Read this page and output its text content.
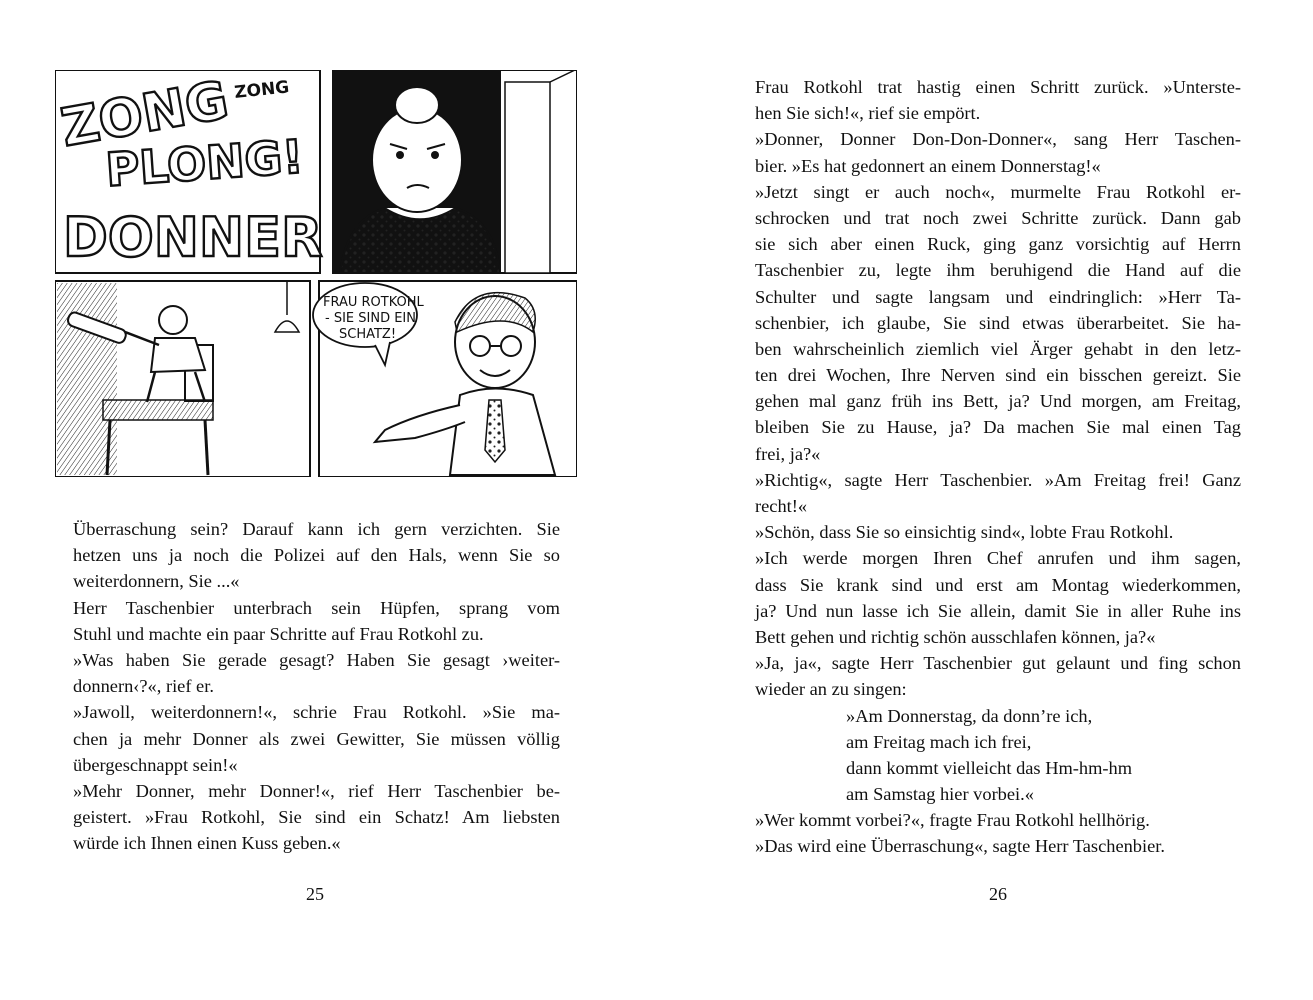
ZONG ZONG
PLONG!
DONNER
FRAU ROTKOHL
- SIE SIND EIN
SCHATZ!
Überraschung sein? Darauf kann ich gern verzichten. Sie
hetzen uns ja noch die Polizei auf den Hals, wenn Sie so
weiterdonnern, Sie ...«
Herr Taschenbier unterbrach sein Hüpfen, sprang vom
Stuhl und machte ein paar Schritte auf Frau Rotkohl zu.
»Was haben Sie gerade gesagt? Haben Sie gesagt ›weiter-
donnern‹?«, rief er.
»Jawoll, weiterdonnern!«, schrie Frau Rotkohl. »Sie ma-
chen ja mehr Donner als zwei Gewitter, Sie müssen völlig
übergeschnappt sein!«
»Mehr Donner, mehr Donner!«, rief Herr Taschenbier be-
geistert. »Frau Rotkohl, Sie sind ein Schatz! Am liebsten
würde ich Ihnen einen Kuss geben.«
25
Frau Rotkohl trat hastig einen Schritt zurück. »Unterste-
hen Sie sich!«, rief sie empört.
»Donner, Donner Don-Don-Donner«, sang Herr Taschen-
bier. »Es hat gedonnert an einem Donnerstag!«
»Jetzt singt er auch noch«, murmelte Frau Rotkohl er-
schrocken und trat noch zwei Schritte zurück. Dann gab
sie sich aber einen Ruck, ging ganz vorsichtig auf Herrn
Taschenbier zu, legte ihm beruhigend die Hand auf die
Schulter und sagte langsam und eindringlich: »Herr Ta-
schenbier, ich glaube, Sie sind etwas überarbeitet. Sie ha-
ben wahrscheinlich ziemlich viel Ärger gehabt in den letz-
ten drei Wochen, Ihre Nerven sind ein bisschen gereizt. Sie
gehen mal ganz früh ins Bett, ja? Und morgen, am Freitag,
bleiben Sie zu Hause, ja? Da machen Sie mal einen Tag
frei, ja?«
»Richtig«, sagte Herr Taschenbier. »Am Freitag frei! Ganz
recht!«
»Schön, dass Sie so einsichtig sind«, lobte Frau Rotkohl.
»Ich werde morgen Ihren Chef anrufen und ihm sagen,
dass Sie krank sind und erst am Montag wiederkommen,
ja? Und nun lasse ich Sie allein, damit Sie in aller Ruhe ins
Bett gehen und richtig schön ausschlafen können, ja?«
»Ja, ja«, sagte Herr Taschenbier gut gelaunt und fing schon
wieder an zu singen:
»Am Donnerstag, da donn’re ich,
am Freitag mach ich frei,
dann kommt vielleicht das Hm-hm-hm
am Samstag hier vorbei.«
»Wer kommt vorbei?«, fragte Frau Rotkohl hellhörig.
»Das wird eine Überraschung«, sagte Herr Taschenbier.
26
